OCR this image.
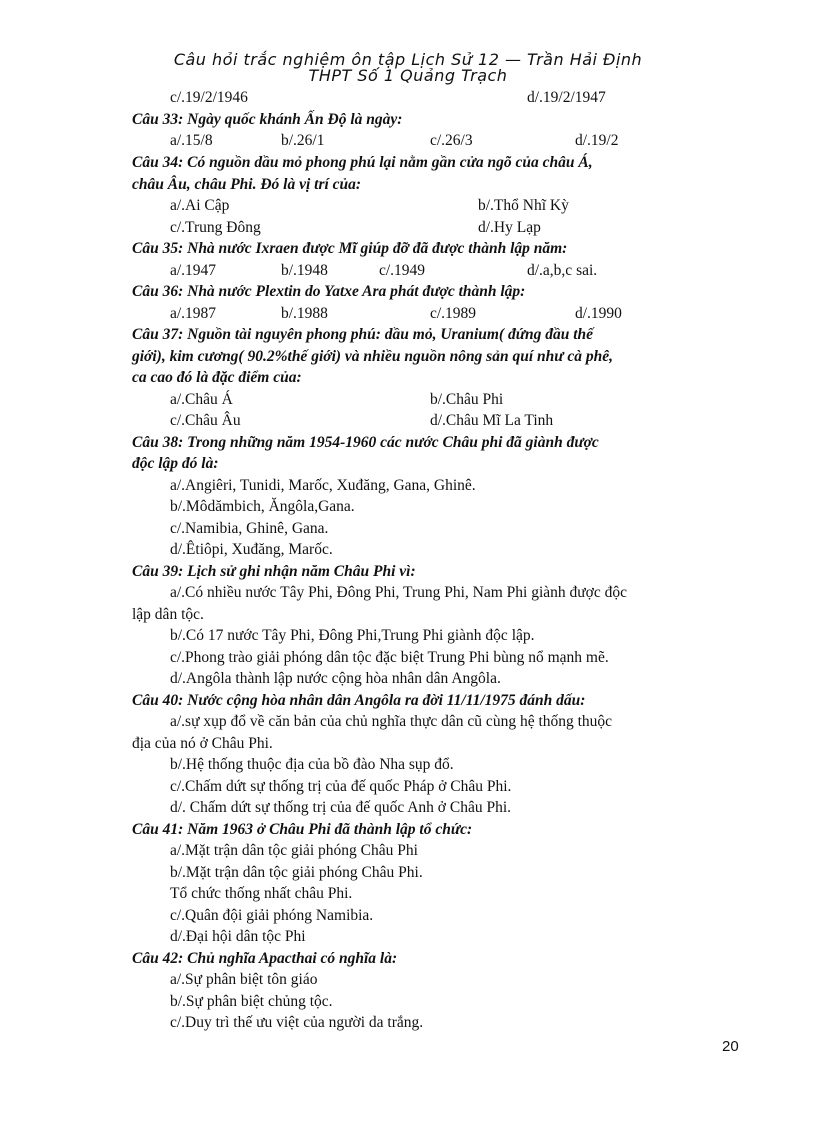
Câu hỏi trắc nghiệm ôn tập Lịch Sử 12 — Trần Hải Định
THPT Số 1 Quảng Trạch
c/.19/2/1946	d/.19/2/1947
Câu 33: Ngày quốc khánh Ấn Độ là ngày:
a/.15/8	b/.26/1	c/.26/3	d/.19/2
Câu 34: Có nguồn dầu mỏ phong phú lại nằm gần cửa ngõ của châu Á,
châu Âu, châu Phi. Đó là vị trí của:
a/.Ai Cập	b/.Thổ Nhĩ Kỳ
c/.Trung Đông	d/.Hy Lạp
Câu 35: Nhà nước Ixraen được Mĩ giúp đỡ đã được thành lập năm:
a/.1947	b/.1948	c/.1949	d/.a,b,c sai.
Câu 36: Nhà nước Plextin do Yatxe Ara phát được thành lập:
a/.1987	b/.1988	c/.1989	d/.1990
Câu 37: Nguồn tài nguyên phong phú: dầu mỏ, Uranium( đứng đầu thế
giới), kim cương( 90.2%thế giới) và nhiều nguồn nông sản quí như cà phê,
ca cao đó là đặc điểm của:
a/.Châu Á	b/.Châu Phi
c/.Châu Âu	d/.Châu Mĩ La Tinh
Câu 38: Trong những năm 1954-1960 các nước Châu phi đã giành được
độc lập đó là:
a/.Angiêri, Tunidi, Marốc, Xuđăng, Gana, Ghinê.
b/.Môdămbich, Ăngôla,Gana.
c/.Namibia, Ghinê, Gana.
d/.Êtiôpi, Xuđăng, Marốc.
Câu 39: Lịch sử ghi nhận năm Châu Phi vì:
a/.Có nhiều nước Tây Phi, Đông Phi, Trung Phi, Nam Phi giành được độc
lập dân tộc.
b/.Có 17 nước Tây Phi, Đông Phi,Trung Phi giành độc lập.
c/.Phong trào giải phóng dân tộc đặc biệt Trung Phi bùng nổ mạnh mẽ.
d/.Angôla thành lập nước cộng hòa nhân dân Angôla.
Câu 40: Nước cộng hòa nhân dân Angôla ra đời 11/11/1975 đánh dấu:
a/.sự xụp đổ về căn bản của chủ nghĩa thực dân cũ cùng hệ thống thuộc
địa của nó ở Châu Phi.
b/.Hệ thống thuộc địa của bồ đào Nha sụp đổ.
c/.Chấm dứt sự thống trị của đế quốc Pháp ở Châu Phi.
d/. Chấm dứt sự thống trị của đế quốc Anh ở Châu Phi.
Câu 41: Năm 1963 ở Châu Phi đã thành lập tổ chức:
a/.Mặt trận dân tộc giải phóng Châu Phi
b/.Mặt trận dân tộc giải phóng Châu Phi.
Tổ chức thống nhất châu Phi.
c/.Quân đội giải phóng Namibia.
d/.Đại hội dân tộc Phi
Câu 42: Chủ nghĩa Apacthai có nghĩa là:
a/.Sự phân biệt tôn giáo
b/.Sự phân biệt chủng tộc.
c/.Duy trì thế ưu việt của người da trắng.
20
